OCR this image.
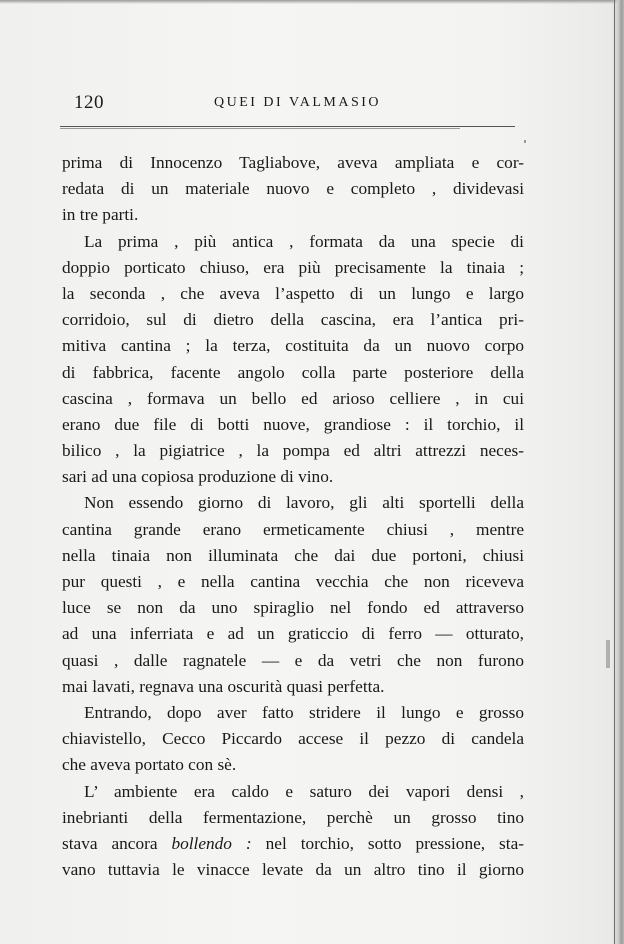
120	QUEI DI VALMASIO
prima di Innocenzo Tagliabove, aveva ampliata e cor-
redata di un materiale nuovo e completo , dividevasi
in tre parti.
La prima , più antica , formata da una specie di
doppio porticato chiuso, era più precisamente la tinaia ;
la seconda , che aveva l’aspetto di un lungo e largo
corridoio, sul di dietro della cascina, era l’antica pri-
mitiva cantina ; la terza, costituita da un nuovo corpo
di fabbrica, facente angolo colla parte posteriore della
cascina , formava un bello ed arioso celliere , in cui
erano due file di botti nuove, grandiose : il torchio, il
bilico , la pigiatrice , la pompa ed altri attrezzi neces-
sari ad una copiosa produzione di vino.
Non essendo giorno di lavoro, gli alti sportelli della
cantina grande erano ermeticamente chiusi , mentre
nella tinaia non illuminata che dai due portoni, chiusi
pur questi , e nella cantina vecchia che non riceveva
luce se non da uno spiraglio nel fondo ed attraverso
ad una inferriata e ad un graticcio di ferro — otturato,
quasi , dalle ragnatele — e da vetri che non furono
mai lavati, regnava una oscurità quasi perfetta.
Entrando, dopo aver fatto stridere il lungo e grosso
chiavistello, Cecco Piccardo accese il pezzo di candela
che aveva portato con sè.
L’ ambiente era caldo e saturo dei vapori densi ,
inebrianti della fermentazione, perchè un grosso tino
stava ancora bollendo : nel torchio, sotto pressione, sta-
vano tuttavia le vinacce levate da un altro tino il giorno
